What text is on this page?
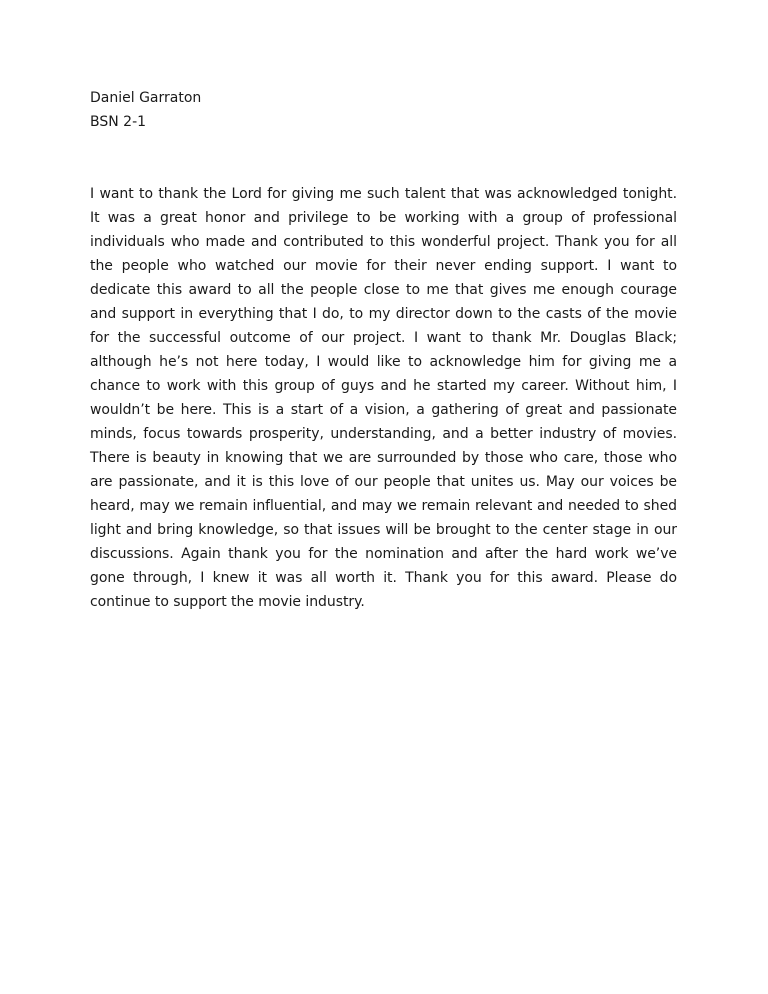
Daniel Garraton
BSN 2-1

I want to thank the Lord for giving me such talent that was acknowledged tonight. It was a great honor and privilege to be working with a group of professional individuals who made and contributed to this wonderful project. Thank you for all the people who watched our movie for their never ending support. I want to dedicate this award to all the people close to me that gives me enough courage and support in everything that I do, to my director down to the casts of the movie for the successful outcome of our project. I want to thank Mr. Douglas Black; although he’s not here today, I would like to acknowledge him for giving me a chance to work with this group of guys and he started my career. Without him, I wouldn’t be here. This is a start of a vision, a gathering of great and passionate minds, focus towards prosperity, understanding, and a better industry of movies. There is beauty in knowing that we are surrounded by those who care, those who are passionate, and it is this love of our people that unites us. May our voices be heard, may we remain influential, and may we remain relevant and needed to shed light and bring knowledge, so that issues will be brought to the center stage in our discussions. Again thank you for the nomination and after the hard work we’ve gone through, I knew it was all worth it. Thank you for this award. Please do continue to support the movie industry.
